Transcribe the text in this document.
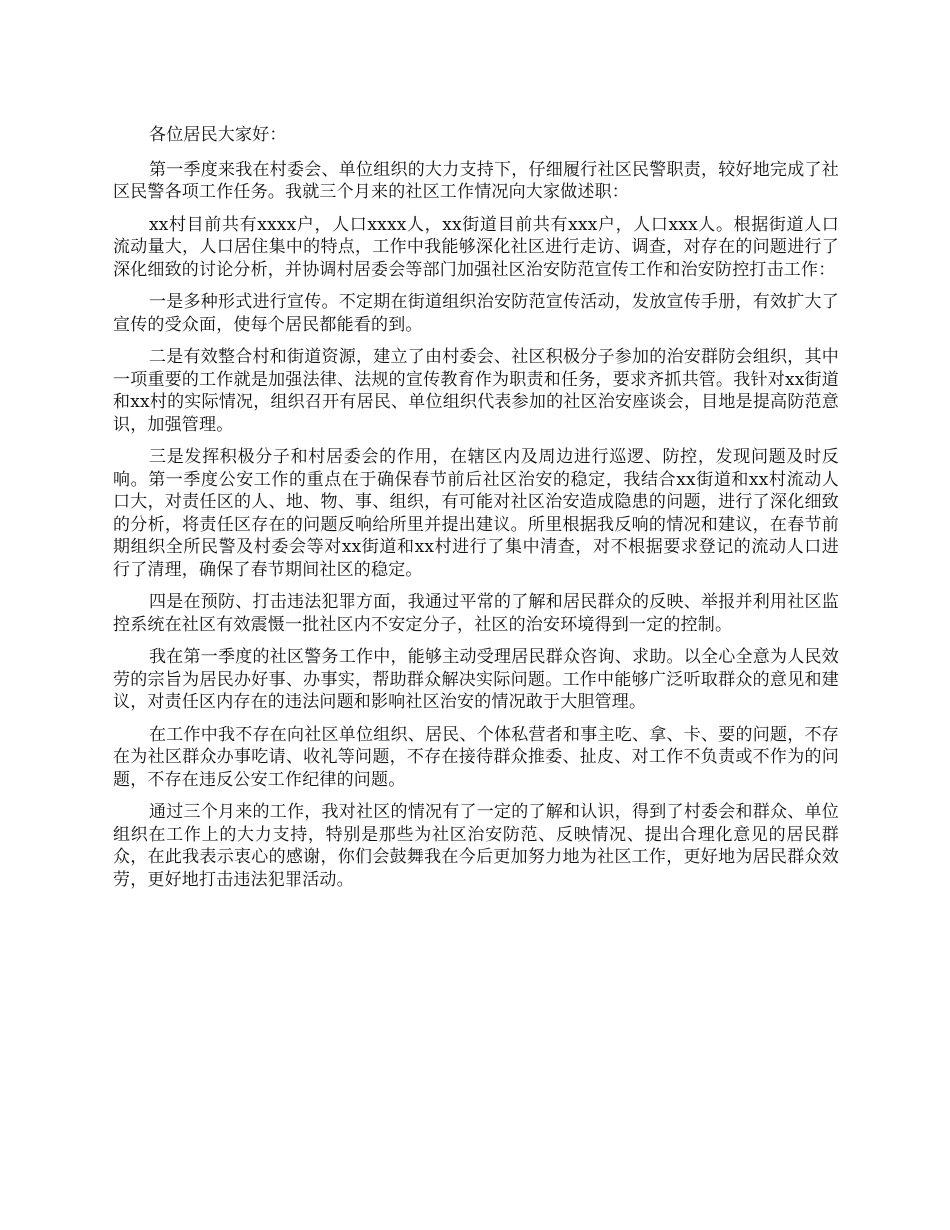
各位居民大家好：

第一季度来我在村委会、单位组织的大力支持下，仔细履行社区民警职责，较好地完成了社区民警各项工作任务。我就三个月来的社区工作情况向大家做述职：

xx村目前共有xxxx户，人口xxxx人，xx街道目前共有xxx户，人口xxx人。根据街道人口流动量大，人口居住集中的特点，工作中我能够深化社区进行走访、调查，对存在的问题进行了深化细致的讨论分析，并协调村居委会等部门加强社区治安防范宣传工作和治安防控打击工作：

一是多种形式进行宣传。不定期在街道组织治安防范宣传活动，发放宣传手册，有效扩大了宣传的受众面，使每个居民都能看的到。

二是有效整合村和街道资源，建立了由村委会、社区积极分子参加的治安群防会组织，其中一项重要的工作就是加强法律、法规的宣传教育作为职责和任务，要求齐抓共管。我针对xx街道和xx村的实际情况，组织召开有居民、单位组织代表参加的社区治安座谈会，目地是提高防范意识，加强管理。

三是发挥积极分子和村居委会的作用，在辖区内及周边进行巡逻、防控，发现问题及时反响。第一季度公安工作的重点在于确保春节前后社区治安的稳定，我结合xx街道和xx村流动人口大，对责任区的人、地、物、事、组织，有可能对社区治安造成隐患的问题，进行了深化细致的分析，将责任区存在的问题反响给所里并提出建议。所里根据我反响的情况和建议，在春节前期组织全所民警及村委会等对xx街道和xx村进行了集中清查，对不根据要求登记的流动人口进行了清理，确保了春节期间社区的稳定。

四是在预防、打击违法犯罪方面，我通过平常的了解和居民群众的反映、举报并利用社区监控系统在社区有效震慑一批社区内不安定分子，社区的治安环境得到一定的控制。

我在第一季度的社区警务工作中，能够主动受理居民群众咨询、求助。以全心全意为人民效劳的宗旨为居民办好事、办事实，帮助群众解决实际问题。工作中能够广泛听取群众的意见和建议，对责任区内存在的违法问题和影响社区治安的情况敢于大胆管理。

在工作中我不存在向社区单位组织、居民、个体私营者和事主吃、拿、卡、要的问题，不存在为社区群众办事吃请、收礼等问题，不存在接待群众推委、扯皮、对工作不负责或不作为的问题，不存在违反公安工作纪律的问题。

通过三个月来的工作，我对社区的情况有了一定的了解和认识，得到了村委会和群众、单位组织在工作上的大力支持，特别是那些为社区治安防范、反映情况、提出合理化意见的居民群众，在此我表示衷心的感谢，你们会鼓舞我在今后更加努力地为社区工作，更好地为居民群众效劳，更好地打击违法犯罪活动。
